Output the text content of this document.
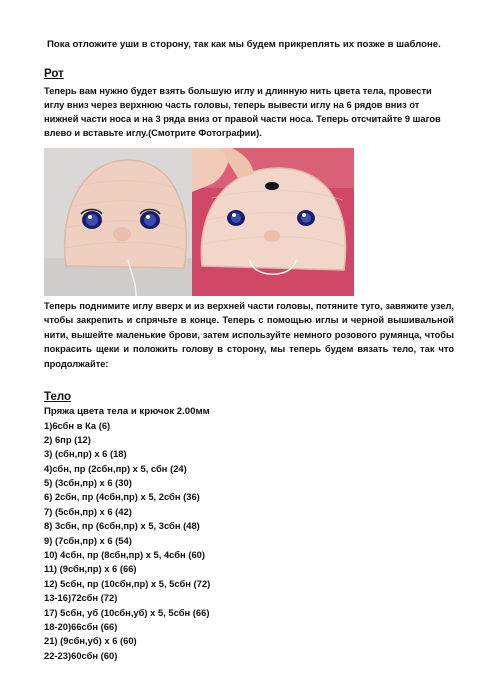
Пока отложите уши в сторону, так как мы будем прикреплять их позже в шаблоне.
Рот
Теперь вам нужно будет взять большую иглу и длинную нить цвета тела, провести иглу вниз через верхнюю часть головы, теперь вывести иглу на 6 рядов вниз от нижней части носа и на 3 ряда вниз от правой части носа. Теперь отсчитайте 9 шагов влево и вставьте иглу.(Смотрите Фотографии).
Теперь поднимите иглу вверх и из верхней части головы, потяните туго, завяжите узел, чтобы закрепить и спрячьте в конце. Теперь с помощью иглы и черной вышивальной нити, вышейте маленькие брови, затем используйте немного розового румянца, чтобы покрасить щеки и положить голову в сторону, мы теперь будем вязать тело, так что продолжайте:
Тело
Пряжа цвета тела и крючок 2.00мм
1)6сбн в Ка (6)
2) 6пр (12)
3) (сбн,пр) x 6 (18)
4)сбн, пр (2сбн,пр) x 5, сбн (24)
5) (3сбн,пр) x 6 (30)
6) 2сбн, пр (4сбн,пр) x 5, 2сбн (36)
7) (5сбн,пр) x 6 (42)
8) 3сбн, пр (6сбн,пр) x 5, 3сбн (48)
9) (7сбн,пр) x 6 (54)
10) 4сбн, пр (8сбн,пр) x 5, 4сбн (60)
11) (9сбн,пр) x 6 (66)
12) 5сбн, пр (10сбн,пр) x 5, 5сбн (72)
13-16)72сбн (72)
17) 5сбн, уб (10сбн,уб) x 5, 5сбн (66)
18-20)66сбн (66)
21) (9сбн,уб) x 6 (60)
22-23)60сбн (60)
